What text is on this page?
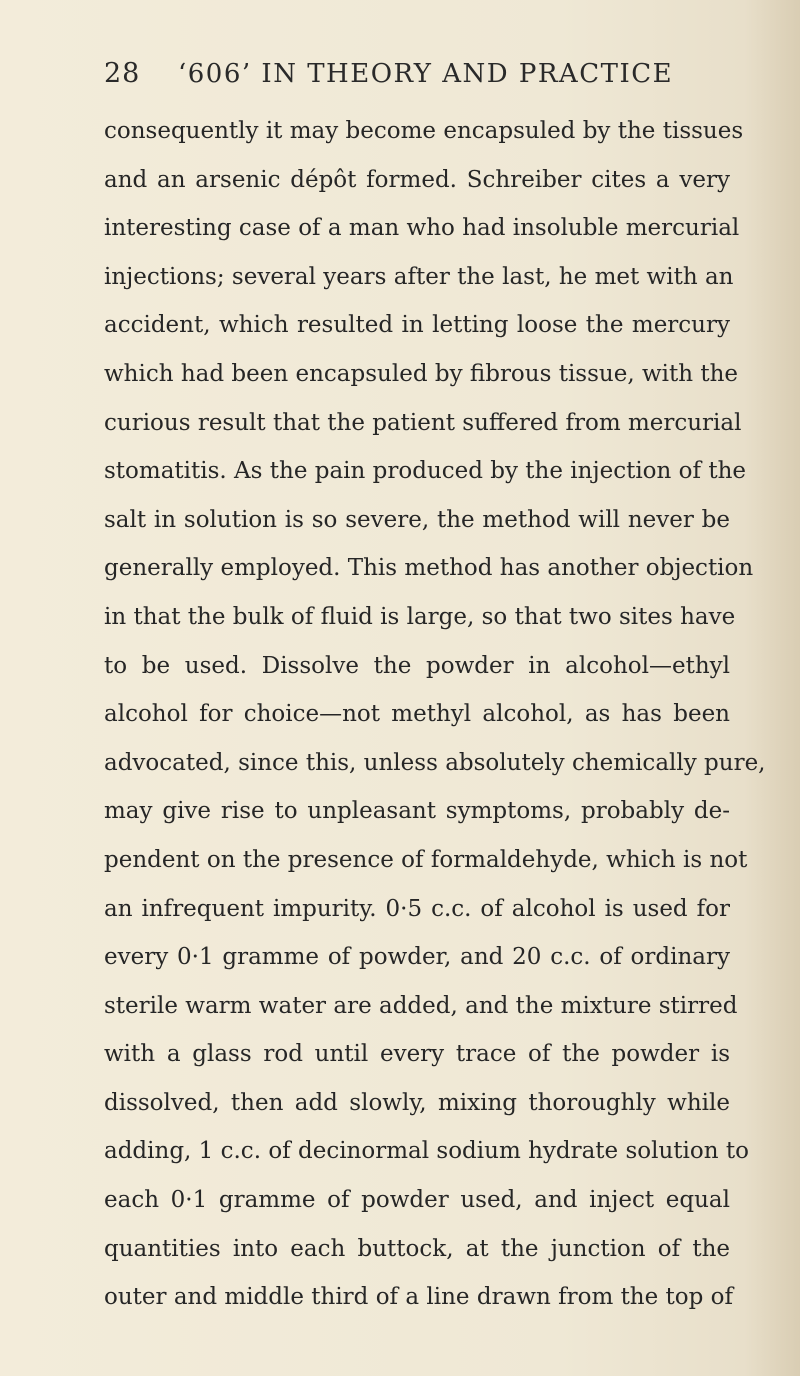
28	‘606’ IN THEORY AND PRACTICE
consequently it may become encapsuled by the tissues
and an arsenic dépôt formed. Schreiber cites a very
interesting case of a man who had insoluble mercurial
injections; several years after the last, he met with an
accident, which resulted in letting loose the mercury
which had been encapsuled by fibrous tissue, with the
curious result that the patient suffered from mercurial
stomatitis. As the pain produced by the injection of the
salt in solution is so severe, the method will never be
generally employed. This method has another objection
in that the bulk of fluid is large, so that two sites have
to be used. Dissolve the powder in alcohol—ethyl
alcohol for choice—not methyl alcohol, as has been
advocated, since this, unless absolutely chemically pure,
may give rise to unpleasant symptoms, probably de-
pendent on the presence of formaldehyde, which is not
an infrequent impurity. 0·5 c.c. of alcohol is used for
every 0·1 gramme of powder, and 20 c.c. of ordinary
sterile warm water are added, and the mixture stirred
with a glass rod until every trace of the powder is
dissolved, then add slowly, mixing thoroughly while
adding, 1 c.c. of decinormal sodium hydrate solution to
each 0·1 gramme of powder used, and inject equal
quantities into each buttock, at the junction of the
outer and middle third of a line drawn from the top of
